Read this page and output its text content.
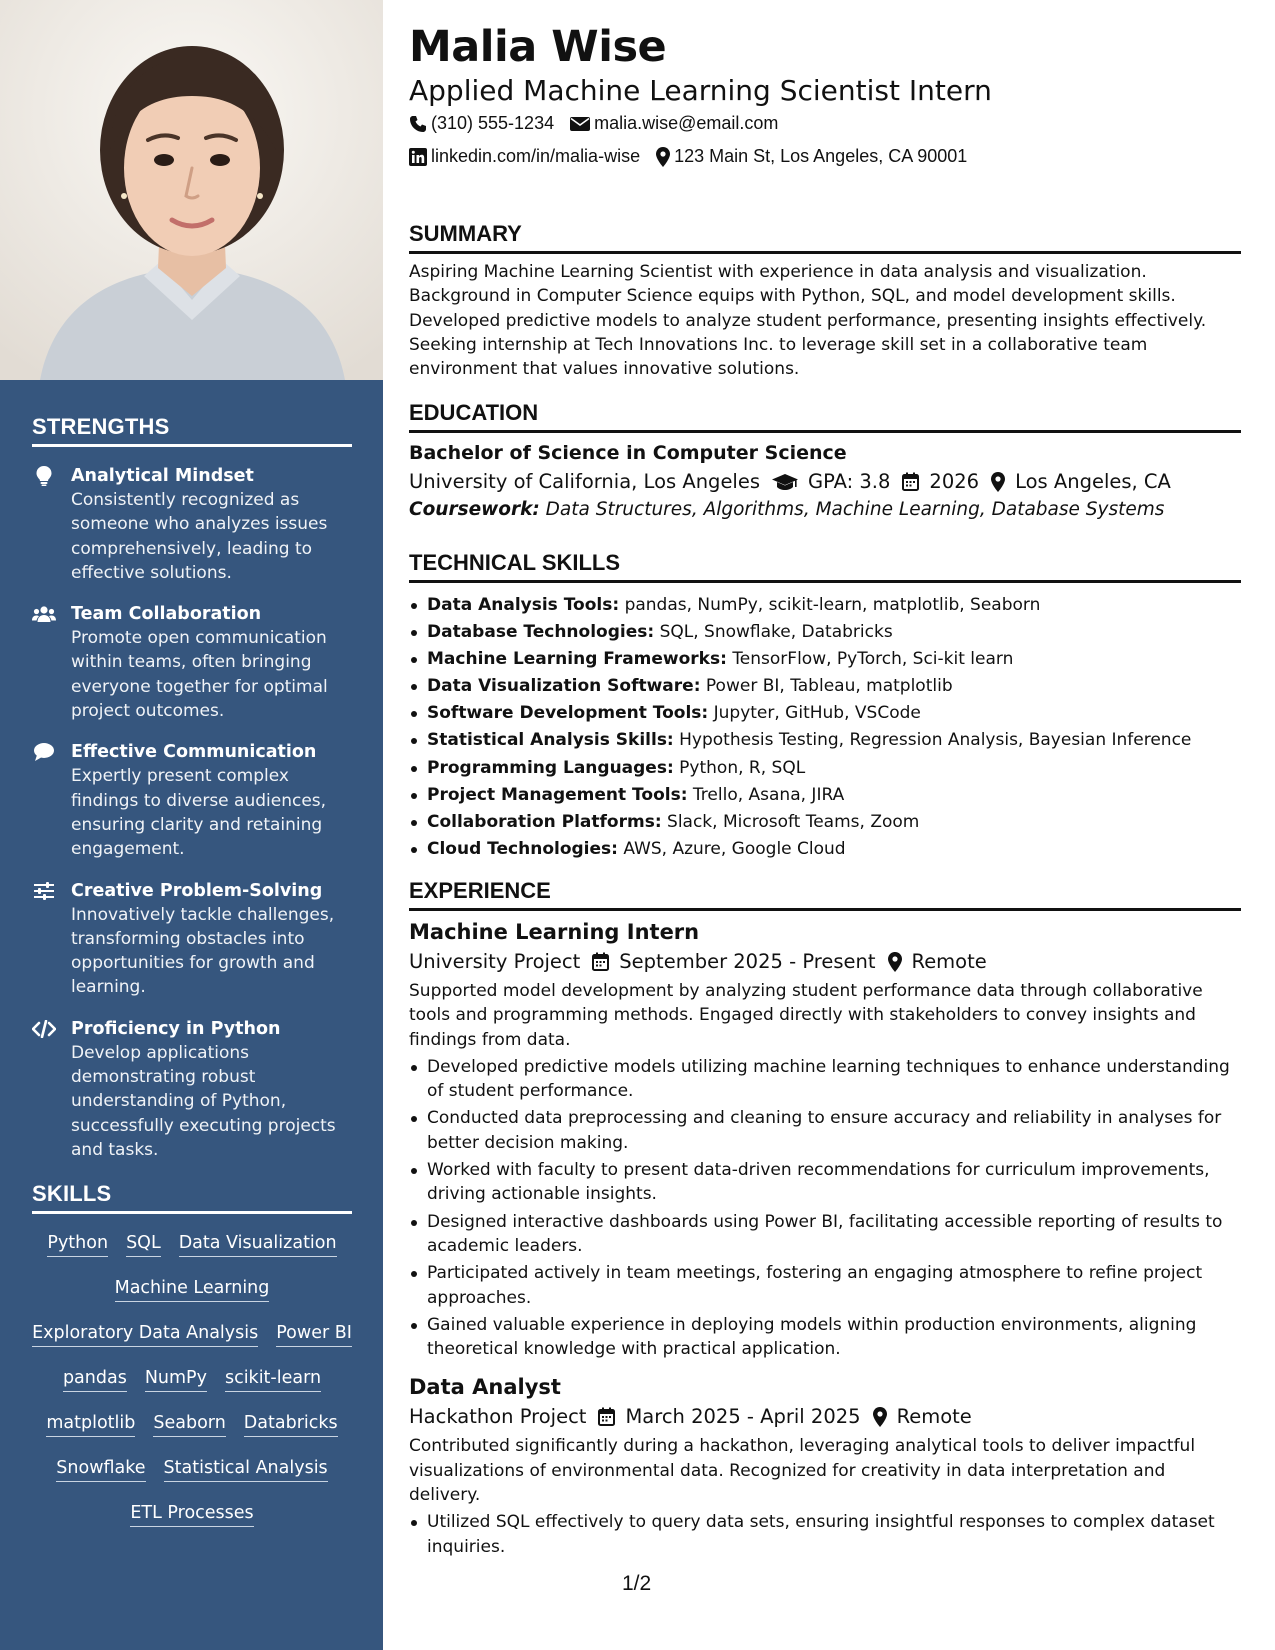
STRENGTHS
Analytical Mindset
Consistently recognized as someone who analyzes issues comprehensively, leading to effective solutions.
Team Collaboration
Promote open communication within teams, often bringing everyone together for optimal project outcomes.
Effective Communication
Expertly present complex findings to diverse audiences, ensuring clarity and retaining engagement.
Creative Problem-Solving
Innovatively tackle challenges, transforming obstacles into opportunities for growth and learning.
Proficiency in Python
Develop applications demonstrating robust understanding of Python, successfully executing projects and tasks.
SKILLS
Python SQL Data Visualization
Machine Learning
Exploratory Data Analysis Power BI
pandas NumPy scikit-learn
matplotlib Seaborn Databricks
Snowflake Statistical Analysis
ETL Processes
Malia Wise
Applied Machine Learning Scientist Intern
(310) 555-1234 malia.wise@email.com
linkedin.com/in/malia-wise 123 Main St, Los Angeles, CA 90001
SUMMARY
Aspiring Machine Learning Scientist with experience in data analysis and visualization. Background in Computer Science equips with Python, SQL, and model development skills. Developed predictive models to analyze student performance, presenting insights effectively. Seeking internship at Tech Innovations Inc. to leverage skill set in a collaborative team environment that values innovative solutions.
EDUCATION
Bachelor of Science in Computer Science
University of California, Los Angeles GPA: 3.8 2026 Los Angeles, CA
Coursework: Data Structures, Algorithms, Machine Learning, Database Systems
TECHNICAL SKILLS
Data Analysis Tools: pandas, NumPy, scikit-learn, matplotlib, Seaborn
Database Technologies: SQL, Snowflake, Databricks
Machine Learning Frameworks: TensorFlow, PyTorch, Sci-kit learn
Data Visualization Software: Power BI, Tableau, matplotlib
Software Development Tools: Jupyter, GitHub, VSCode
Statistical Analysis Skills: Hypothesis Testing, Regression Analysis, Bayesian Inference
Programming Languages: Python, R, SQL
Project Management Tools: Trello, Asana, JIRA
Collaboration Platforms: Slack, Microsoft Teams, Zoom
Cloud Technologies: AWS, Azure, Google Cloud
EXPERIENCE
Machine Learning Intern
University Project September 2025 - Present Remote
Supported model development by analyzing student performance data through collaborative tools and programming methods. Engaged directly with stakeholders to convey insights and findings from data.
Developed predictive models utilizing machine learning techniques to enhance understanding of student performance.
Conducted data preprocessing and cleaning to ensure accuracy and reliability in analyses for better decision making.
Worked with faculty to present data-driven recommendations for curriculum improvements, driving actionable insights.
Designed interactive dashboards using Power BI, facilitating accessible reporting of results to academic leaders.
Participated actively in team meetings, fostering an engaging atmosphere to refine project approaches.
Gained valuable experience in deploying models within production environments, aligning theoretical knowledge with practical application.
Data Analyst
Hackathon Project March 2025 - April 2025 Remote
Contributed significantly during a hackathon, leveraging analytical tools to deliver impactful visualizations of environmental data. Recognized for creativity in data interpretation and delivery.
Utilized SQL effectively to query data sets, ensuring insightful responses to complex dataset inquiries.
1/2
